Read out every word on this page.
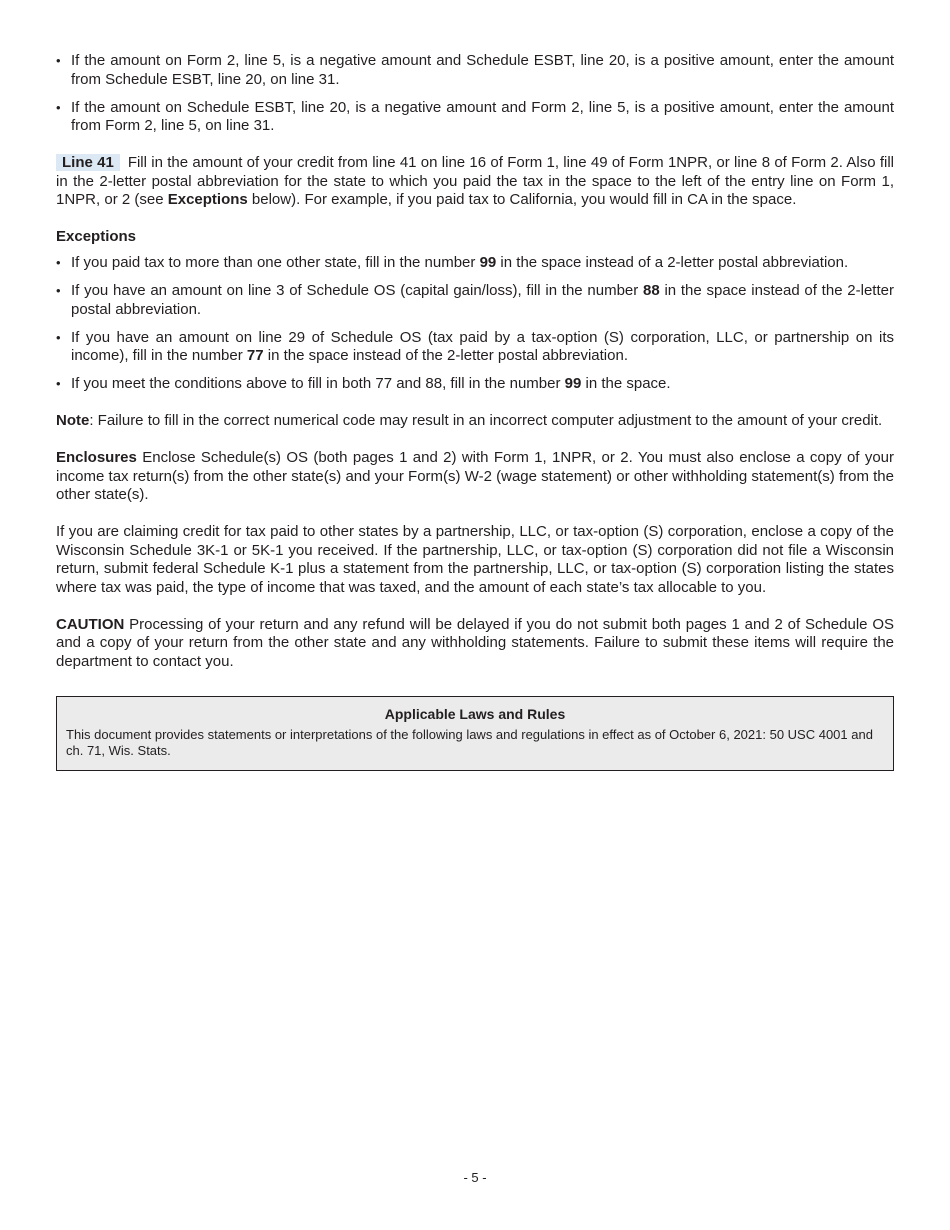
• If the amount on Form 2, line 5, is a negative amount and Schedule ESBT, line 20, is a positive amount, enter the amount from Schedule ESBT, line 20, on line 31.
• If the amount on Schedule ESBT, line 20, is a negative amount and Form 2, line 5, is a positive amount, enter the amount from Form 2, line 5, on line 31.

Line 41 Fill in the amount of your credit from line 41 on line 16 of Form 1, line 49 of Form 1NPR, or line 8 of Form 2. Also fill in the 2-letter postal abbreviation for the state to which you paid the tax in the space to the left of the entry line on Form 1, 1NPR, or 2 (see Exceptions below). For example, if you paid tax to California, you would fill in CA in the space.

Exceptions
• If you paid tax to more than one other state, fill in the number 99 in the space instead of a 2-letter postal abbreviation.
• If you have an amount on line 3 of Schedule OS (capital gain/loss), fill in the number 88 in the space instead of the 2-letter postal abbreviation.
• If you have an amount on line 29 of Schedule OS (tax paid by a tax-option (S) corporation, LLC, or partnership on its income), fill in the number 77 in the space instead of the 2-letter postal abbreviation.
• If you meet the conditions above to fill in both 77 and 88, fill in the number 99 in the space.

Note: Failure to fill in the correct numerical code may result in an incorrect computer adjustment to the amount of your credit.

Enclosures Enclose Schedule(s) OS (both pages 1 and 2) with Form 1, 1NPR, or 2. You must also enclose a copy of your income tax return(s) from the other state(s) and your Form(s) W-2 (wage statement) or other withholding statement(s) from the other state(s).

If you are claiming credit for tax paid to other states by a partnership, LLC, or tax-option (S) corporation, enclose a copy of the Wisconsin Schedule 3K-1 or 5K-1 you received. If the partnership, LLC, or tax-option (S) corporation did not file a Wisconsin return, submit federal Schedule K-1 plus a statement from the partnership, LLC, or tax-option (S) corporation listing the states where tax was paid, the type of income that was taxed, and the amount of each state’s tax allocable to you.

CAUTION Processing of your return and any refund will be delayed if you do not submit both pages 1 and 2 of Schedule OS and a copy of your return from the other state and any withholding statements. Failure to submit these items will require the department to contact you.

Applicable Laws and Rules
This document provides statements or interpretations of the following laws and regulations in effect as of October 6, 2021: 50 USC 4001 and ch. 71, Wis. Stats.
- 5 -
